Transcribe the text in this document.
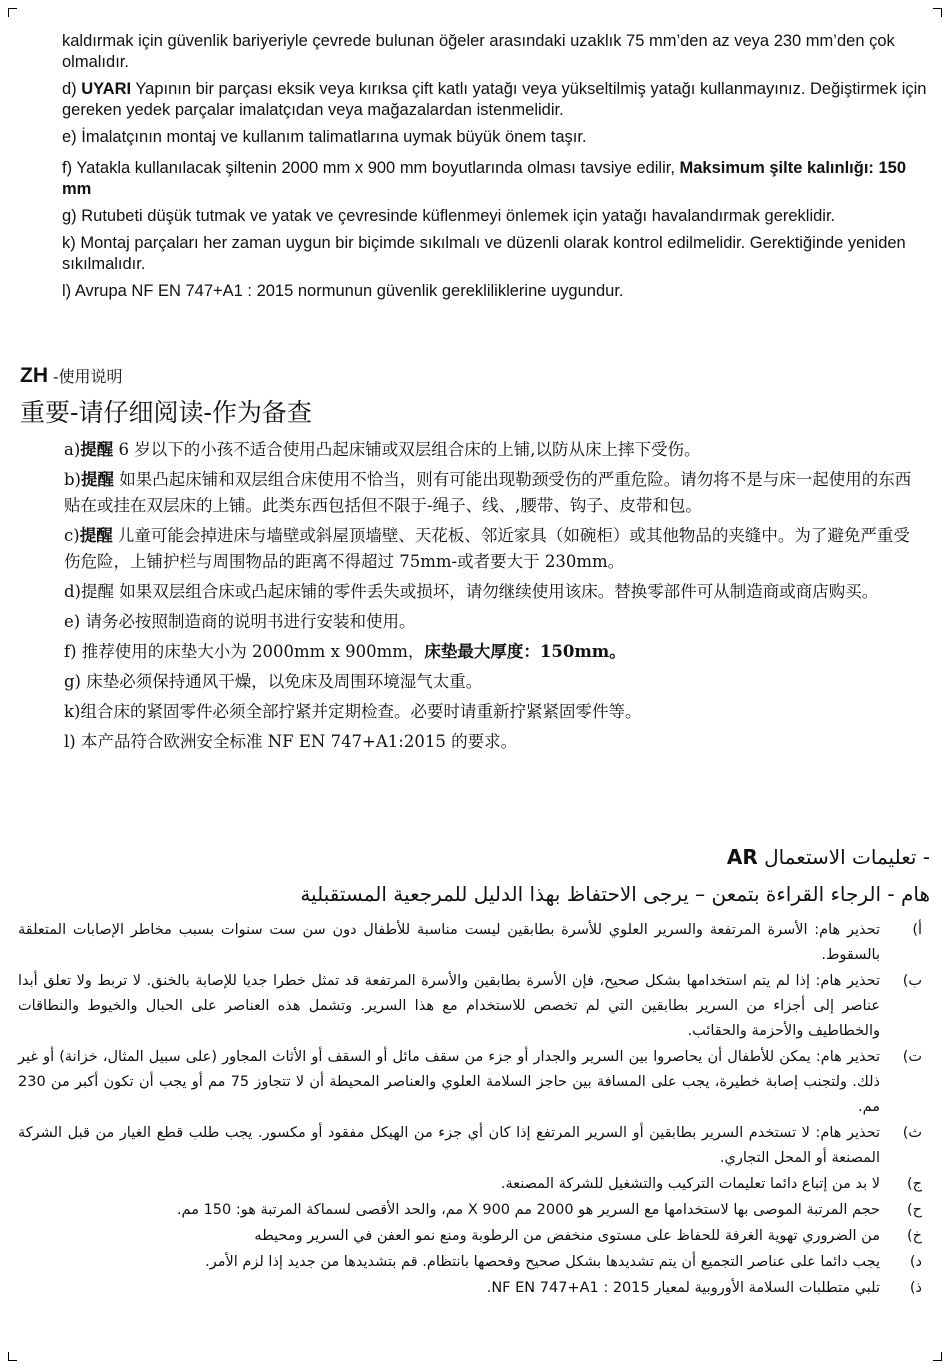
kaldırmak için güvenlik bariyeriyle çevrede bulunan öğeler arasındaki uzaklık 75 mm’den az veya 230 mm’den çok olmalıdır.

d) UYARI Yapının bir parçası eksik veya kırıksa çift katlı yatağı veya yükseltilmiş yatağı kullanmayınız. Değiştirmek için gereken yedek parçalar imalatçıdan veya mağazalardan istenmelidir.

e) İmalatçının montaj ve kullanım talimatlarına uymak büyük önem taşır.

f) Yatakla kullanılacak şiltenin 2000 mm x 900 mm boyutlarında olması tavsiye edilir, Maksimum şilte kalınlığı: 150 mm

g) Rutubeti düşük tutmak ve yatak ve çevresinde küflenmeyi önlemek için yatağı havalandırmak gereklidir.

k) Montaj parçaları her zaman uygun bir biçimde sıkılmalı ve düzenli olarak kontrol edilmelidir. Gerektiğinde yeniden sıkılmalıdır.

l) Avrupa NF EN 747+A1 : 2015 normunun güvenlik gerekliliklerine uygundur.

ZH -使用说明

重要-请仔细阅读-作为备查

a)提醒 6 岁以下的小孩不适合使用凸起床铺或双层组合床的上铺,以防从床上摔下受伤。

b)提醒 如果凸起床铺和双层组合床使用不恰当，则有可能出现勒颈受伤的严重危险。请勿将不是与床一起使用的东西贴在或挂在双层床的上铺。此类东西包括但不限于-绳子、线、,腰带、钩子、皮带和包。

c)提醒 儿童可能会掉进床与墙壁或斜屋顶墙壁、天花板、邻近家具（如碗柜）或其他物品的夹缝中。为了避免严重受伤危险，上铺护栏与周围物品的距离不得超过 75mm-或者要大于 230mm。

d)提醒 如果双层组合床或凸起床铺的零件丢失或损坏，请勿继续使用该床。替换零部件可从制造商或商店购买。

e) 请务必按照制造商的说明书进行安装和使用。

f) 推荐使用的床垫大小为 2000mm x 900mm，床垫最大厚度：150mm。

g) 床垫必须保持通风干燥，以免床及周围环境湿气太重。

k)组合床的紧固零件必须全部拧紧并定期检查。必要时请重新拧紧紧固零件等。

l) 本产品符合欧洲安全标准 NF EN 747+A1:2015 的要求。

- تعليمات الاستعمال AR

هام - الرجاء القراءة بتمعن – يرجى الاحتفاظ بهذا الدليل للمرجعية المستقبلية
أ)
تحذير هام: الأسرة المرتفعة والسرير العلوي للأسرة بطابقين ليست مناسبة للأطفال دون سن ست سنوات بسبب مخاطر الإصابات المتعلقة بالسقوط.
ب)
تحذير هام: إذا لم يتم استخدامها بشكل صحيح، فإن الأسرة بطابقين والأسرة المرتفعة قد تمثل خطرا جديا للإصابة بالخنق. لا تربط ولا تعلق أبدا عناصر إلى أجزاء من السرير بطابقين التي لم تخصص للاستخدام مع هذا السرير. وتشمل هذه العناصر على الحبال والخيوط والنطاقات والخطاطيف والأحزمة والحقائب.
ت)
تحذير هام: يمكن للأطفال أن يحاصروا بين السرير والجدار أو جزء من سقف مائل أو السقف أو الأثاث المجاور (على سبيل المثال، خزانة) أو غير ذلك. ولتجنب إصابة خطيرة، يجب على المسافة بين حاجز السلامة العلوي والعناصر المحيطة أن لا تتجاوز 75 مم أو يجب أن تكون أكبر من 230 مم.
ث)
تحذير هام: لا تستخدم السرير بطابقين أو السرير المرتفع إذا كان أي جزء من الهيكل مفقود أو مكسور. يجب طلب قطع الغيار من قبل الشركة المصنعة أو المحل التجاري.
ج)
لا بد من إتباع دائما تعليمات التركيب والتشغيل للشركة المصنعة.
ح)
حجم المرتبة الموصى بها لاستخدامها مع السرير هو 2000 مم X 900 مم، والحد الأقصى لسماكة المرتبة هو: 150 مم.
خ)
من الضروري تهوية الغرفة للحفاظ على مستوى منخفض من الرطوبة ومنع نمو العفن في السرير ومحيطه
د)
يجب دائما على عناصر التجميع أن يتم تشديدها بشكل صحيح وفحصها بانتظام. قم بتشديدها من جديد إذا لزم الأمر.
ذ)
تلبي متطلبات السلامة الأوروبية لمعيار NF EN 747+A1 : 2015.
